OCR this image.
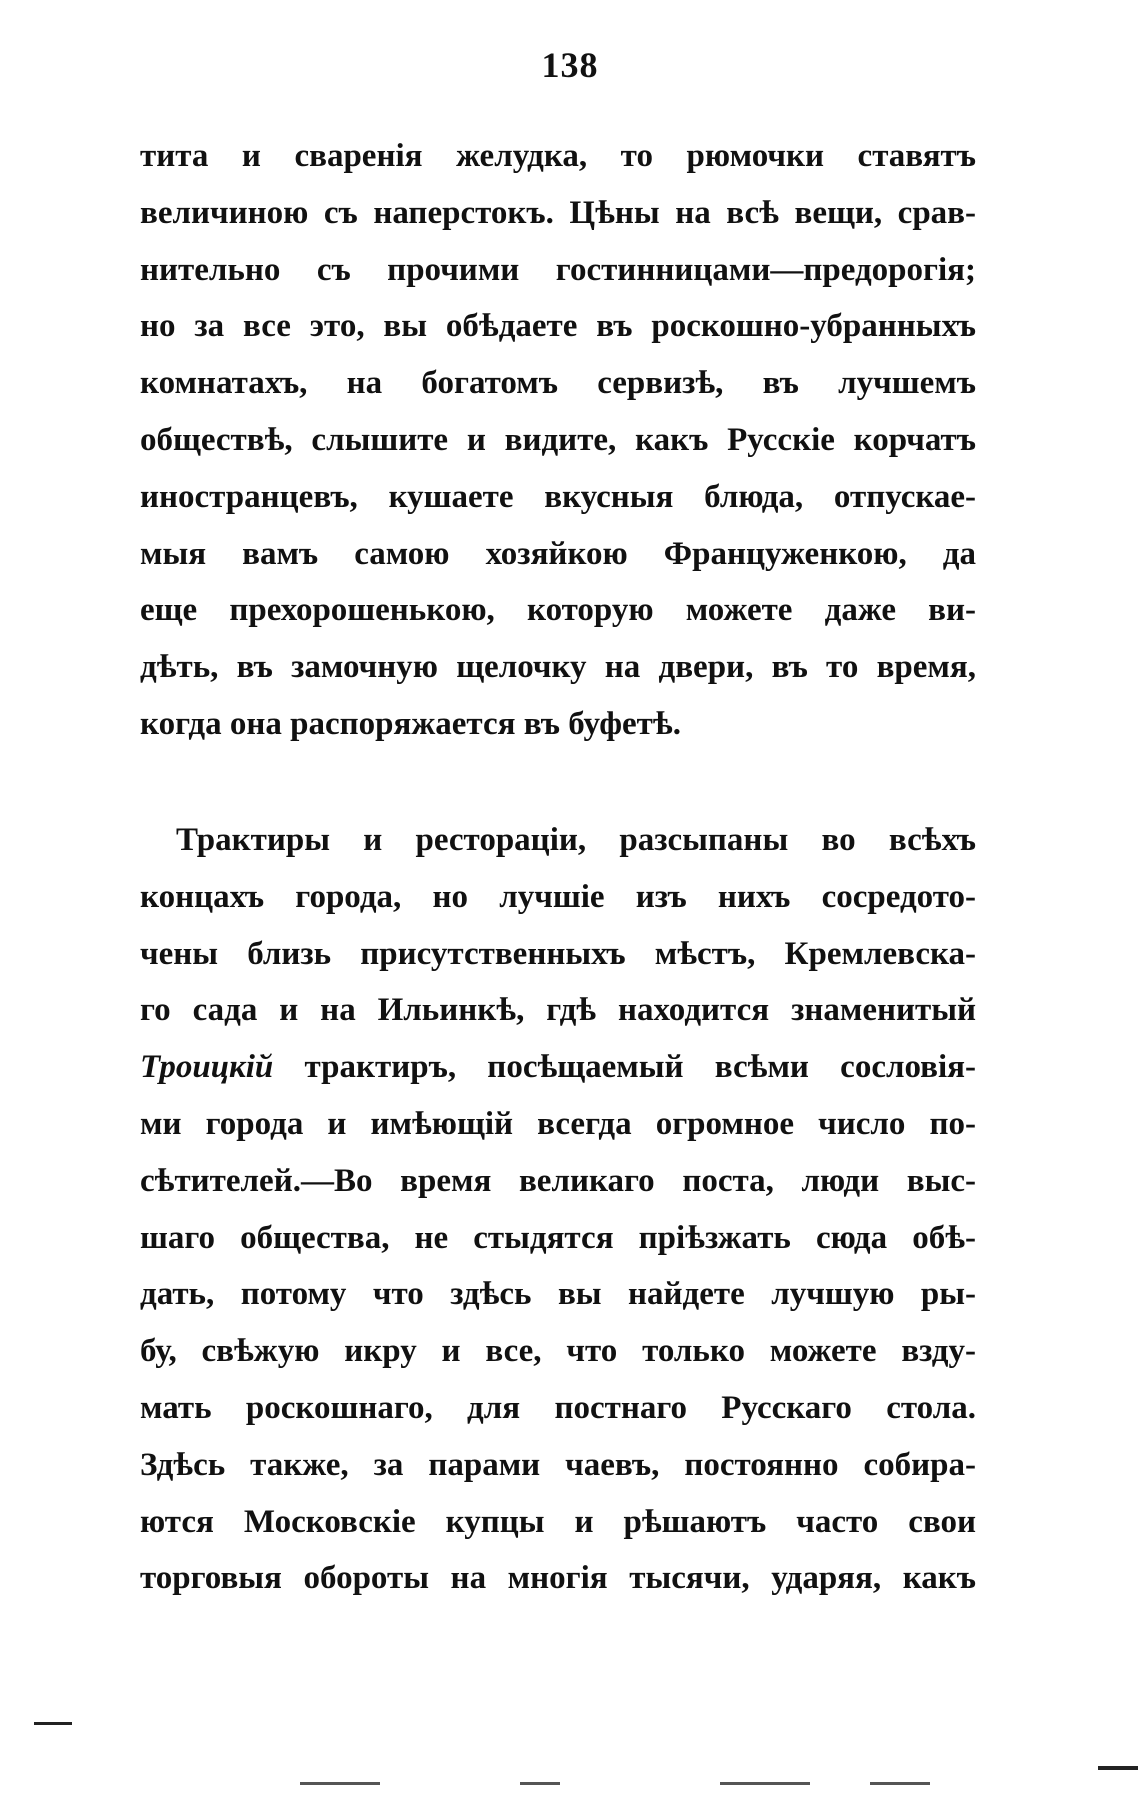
138
тита и сваренія желудка, то рюмочки ставятъ
величиною съ наперстокъ. Цѣны на всѣ вещи, срав-
нительно съ прочими гостинницами—предорогія;
но за все это, вы обѣдаете въ роскошно-убранныхъ
комнатахъ, на богатомъ сервизѣ, въ лучшемъ
обществѣ, слышите и видите, какъ Русскіе корчатъ
иностранцевъ, кушаете вкусныя блюда, отпускае-
мыя вамъ самою хозяйкою Француженкою, да
еще прехорошенькою, которую можете даже ви-
дѣть, въ замочную щелочку на двери, въ то время,
когда она распоряжается въ буфетѣ.
Трактиры и рестораціи, разсыпаны во всѣхъ
концахъ города, но лучшіе изъ нихъ сосредото-
чены близь присутственныхъ мѣстъ, Кремлевска-
го сада и на Ильинкѣ, гдѣ находится знаменитый
Троицкій трактиръ, посѣщаемый всѣми сословія-
ми города и имѣющій всегда огромное число по-
сѣтителей.—Во время великаго поста, люди выс-
шаго общества, не стыдятся пріѣзжать сюда обѣ-
дать, потому что здѣсь вы найдете лучшую ры-
бу, свѣжую икру и все, что только можете взду-
мать роскошнаго, для постнаго Русскаго стола.
Здѣсь также, за парами чаевъ, постоянно собира-
ются Московскіе купцы и рѣшаютъ часто свои
торговыя обороты на многія тысячи, ударяя, какъ
